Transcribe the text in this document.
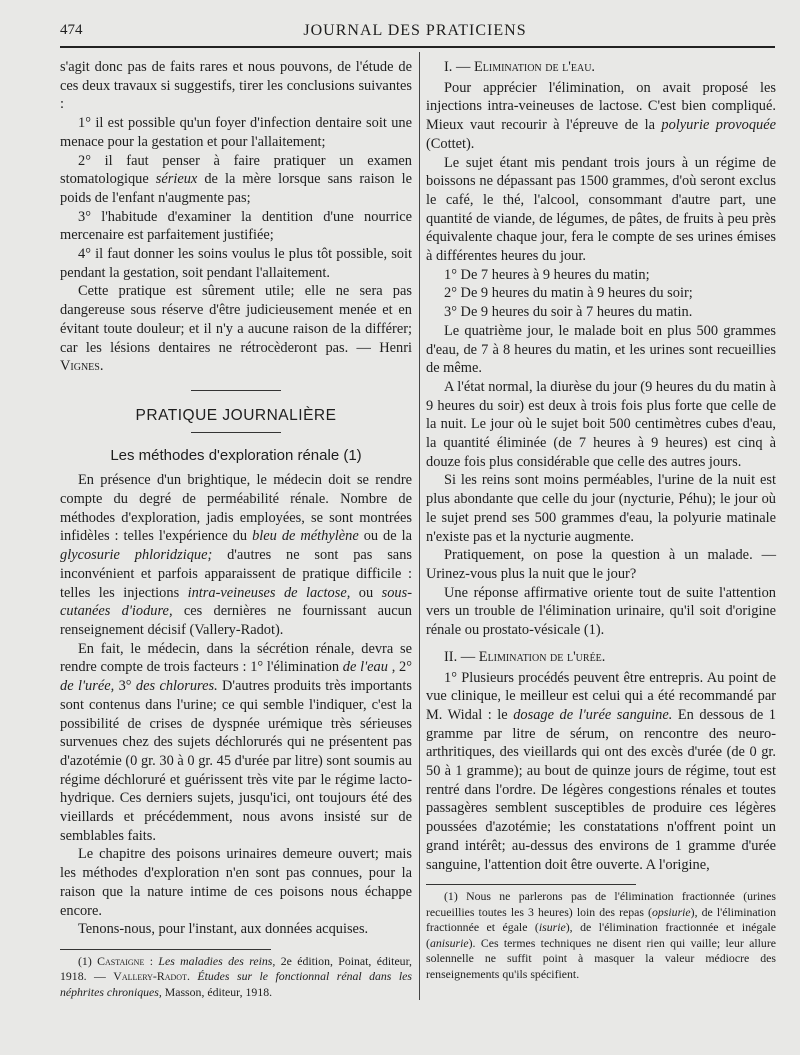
474	JOURNAL DES PRATICIENS

s'agit donc pas de faits rares et nous pouvons, de l'étude de ces deux travaux si suggestifs, tirer les conclusions suivantes :

1° il est possible qu'un foyer d'infection dentaire soit une menace pour la gestation et pour l'allaitement;

2° il faut penser à faire pratiquer un examen stomatologique sérieux de la mère lorsque sans raison le poids de l'enfant n'augmente pas;

3° l'habitude d'examiner la dentition d'une nourrice mercenaire est parfaitement justifiée;

4° il faut donner les soins voulus le plus tôt possible, soit pendant la gestation, soit pendant l'allaitement.

Cette pratique est sûrement utile; elle ne sera pas dangereuse sous réserve d'être judicieusement menée et en évitant toute douleur; et il n'y a aucune raison de la différer; car les lésions dentaires ne rétrocèderont pas. — Henri Vignes.

PRATIQUE JOURNALIÈRE
Les méthodes d'exploration rénale (1)

En présence d'un brightique, le médecin doit se rendre compte du degré de perméabilité rénale. Nombre de méthodes d'exploration, jadis employées, se sont montrées infidèles : telles l'expérience du bleu de méthylène ou de la glycosurie phloridzique; d'autres ne sont pas sans inconvénient et parfois apparaissent de pratique difficile : telles les injections intra-veineuses de lactose, ou sous-cutanées d'iodure, ces dernières ne fournissant aucun renseignement décisif (Vallery-Radot).

En fait, le médecin, dans la sécrétion rénale, devra se rendre compte de trois facteurs : 1° l'élimination de l'eau , 2° de l'urée, 3° des chlorures. D'autres produits très importants sont contenus dans l'urine; ce qui semble l'indiquer, c'est la possibilité de crises de dyspnée urémique très sérieuses survenues chez des sujets déchlorurés qui ne présentent pas d'azotémie (0 gr. 30 à 0 gr. 45 d'urée par litre) sont soumis au régime déchloruré et guérissent très vite par le régime lacto-hydrique. Ces derniers sujets, jusqu'ici, ont toujours été des vieillards et précédemment, nous avons insisté sur de semblables faits.

Le chapitre des poisons urinaires demeure ouvert; mais les méthodes d'exploration n'en sont pas connues, pour la raison que la nature intime de ces poisons nous échappe encore.

Tenons-nous, pour l'instant, aux données acquises.

(1) Castaigne : Les maladies des reins, 2e édition, Poinat, éditeur, 1918. — Vallery-Radot. Études sur le fonctionnal rénal dans les néphrites chroniques, Masson, éditeur, 1918.

I. — Elimination de l'eau.

Pour apprécier l'élimination, on avait proposé les injections intra-veineuses de lactose. C'est bien compliqué. Mieux vaut recourir à l'épreuve de la polyurie provoquée (Cottet).

Le sujet étant mis pendant trois jours à un régime de boissons ne dépassant pas 1500 grammes, d'où seront exclus le café, le thé, l'alcool, consommant d'autre part, une quantité de viande, de légumes, de pâtes, de fruits à peu près équivalente chaque jour, fera le compte de ses urines émises à différentes heures du jour.

1° De 7 heures à 9 heures du matin;

2° De 9 heures du matin à 9 heures du soir;

3° De 9 heures du soir à 7 heures du matin.

Le quatrième jour, le malade boit en plus 500 grammes d'eau, de 7 à 8 heures du matin, et les urines sont recueillies de même.

A l'état normal, la diurèse du jour (9 heures du du matin à 9 heures du soir) est deux à trois fois plus forte que celle de la nuit. Le jour où le sujet boit 500 centimètres cubes d'eau, la quantité éliminée (de 7 heures à 9 heures) est cinq à douze fois plus considérable que celle des autres jours.

Si les reins sont moins perméables, l'urine de la nuit est plus abondante que celle du jour (nycturie, Péhu); le jour où le sujet prend ses 500 grammes d'eau, la polyurie matinale n'existe pas et la nycturie augmente.

Pratiquement, on pose la question à un malade. — Urinez-vous plus la nuit que le jour?

Une réponse affirmative oriente tout de suite l'attention vers un trouble de l'élimination urinaire, qu'il soit d'origine rénale ou prostato-vésicale (1).

II. — Elimination de l'urée.

1° Plusieurs procédés peuvent être entrepris. Au point de vue clinique, le meilleur est celui qui a été recommandé par M. Widal : le dosage de l'urée sanguine. En dessous de 1 gramme par litre de sérum, on rencontre des neuro-arthritiques, des vieillards qui ont des excès d'urée (de 0 gr. 50 à 1 gramme); au bout de quinze jours de régime, tout est rentré dans l'ordre. De légères congestions rénales et toutes passagères semblent susceptibles de produire ces légères poussées d'azotémie; les constatations n'offrent point un grand intérêt; au-dessus des environs de 1 gramme d'urée sanguine, l'attention doit être ouverte. A l'origine,

(1) Nous ne parlerons pas de l'élimination fractionnée (urines recueillies toutes les 3 heures) loin des repas (opsiurie), de l'élimination fractionnée et égale (isurie), de l'élimination fractionnée et inégale (anisurie). Ces termes techniques ne disent rien qui vaille; leur allure solennelle ne suffit point à masquer la valeur médiocre des renseignements qu'ils spécifient.
